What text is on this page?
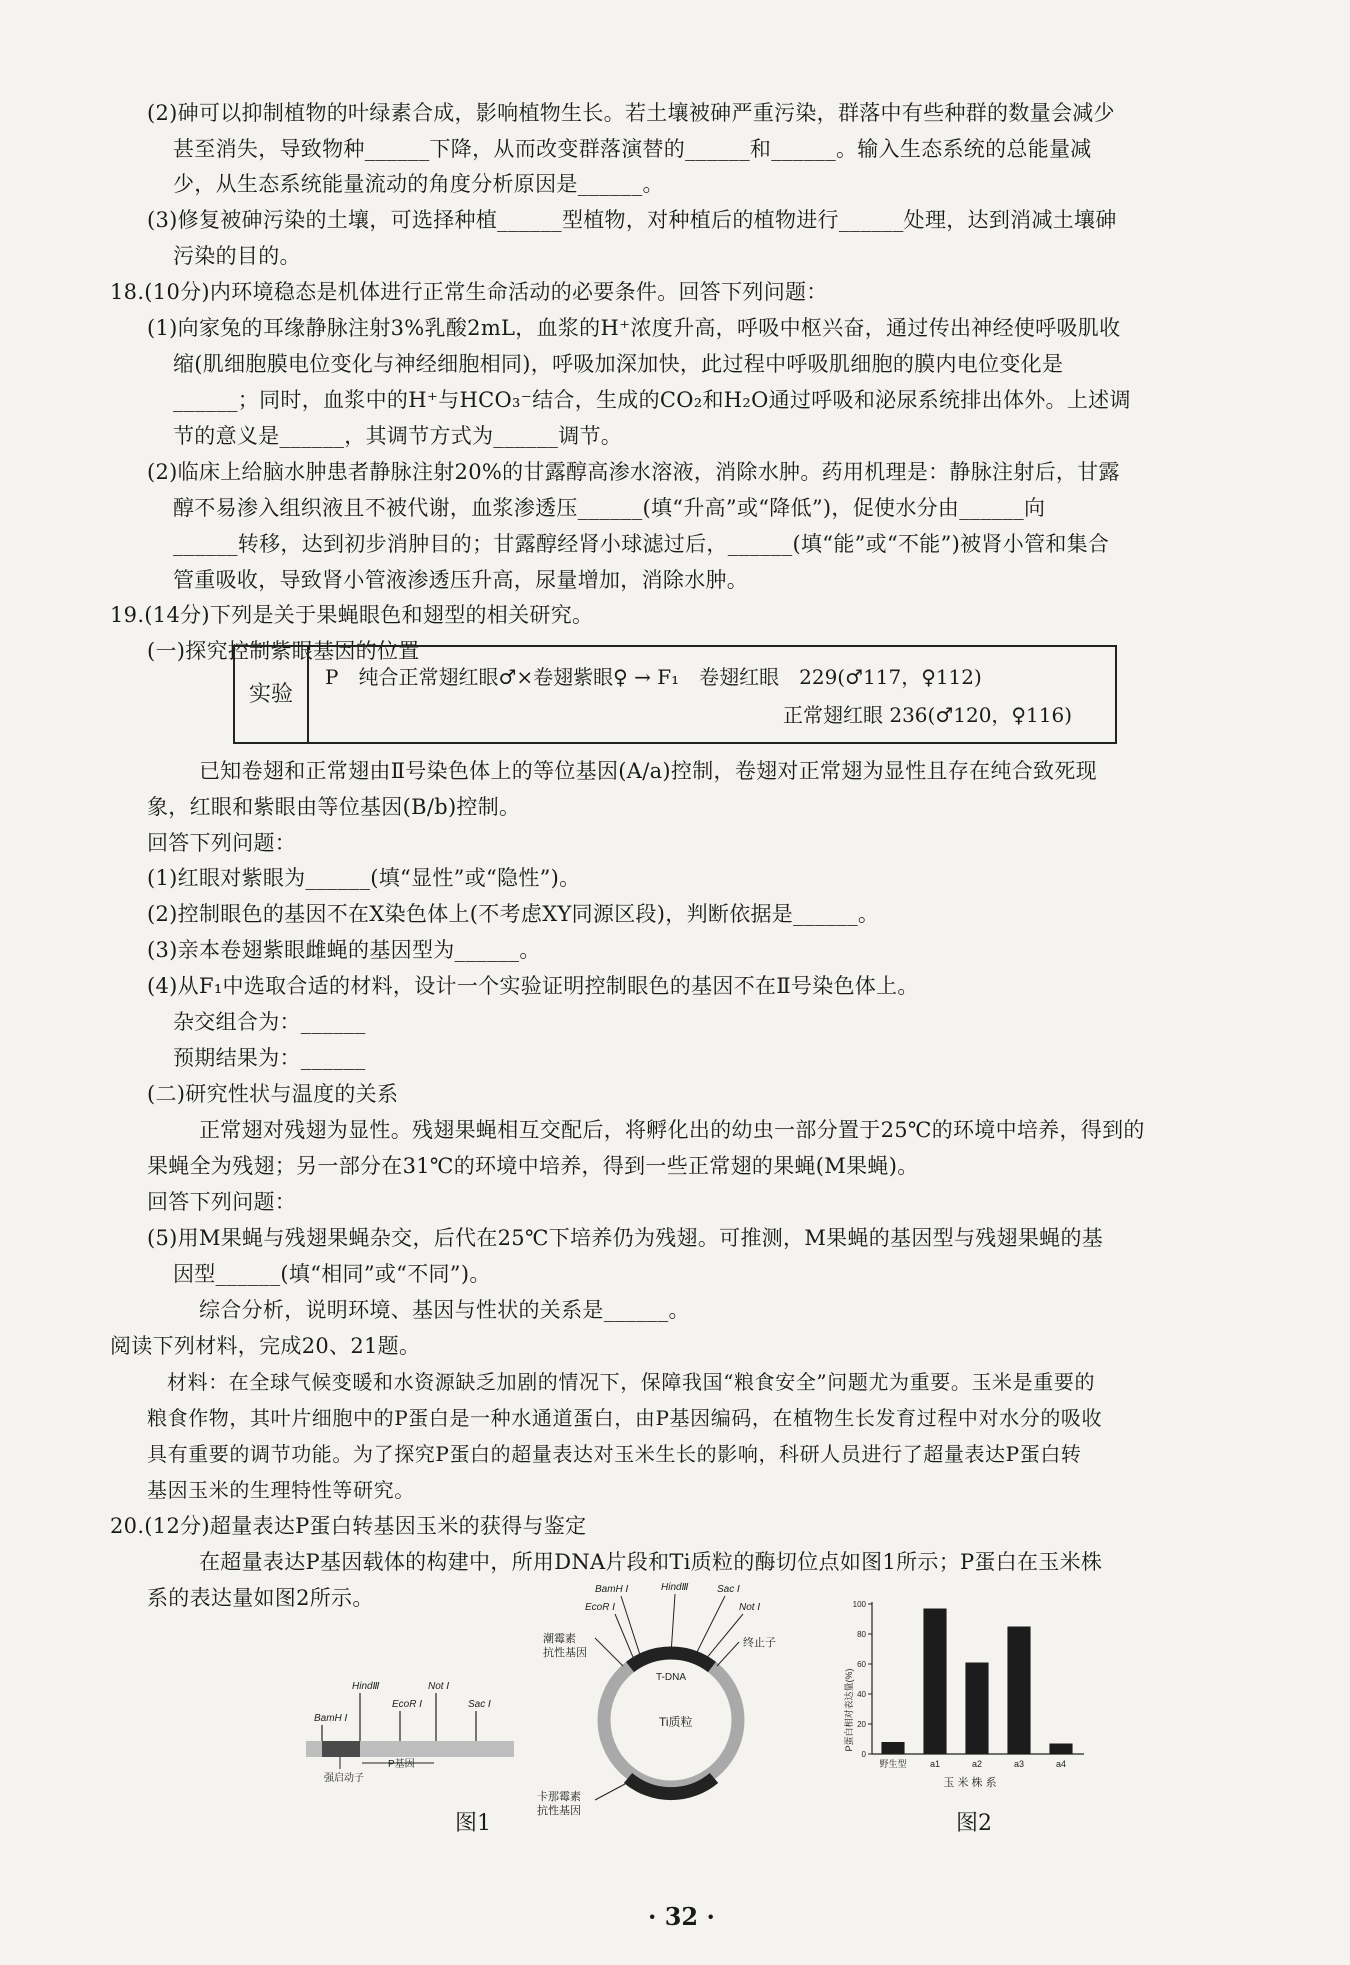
(2)砷可以抑制植物的叶绿素合成，影响植物生长。若土壤被砷严重污染，群落中有些种群的数量会减少
甚至消失，导致物种______下降，从而改变群落演替的______和______。输入生态系统的总能量减
少，从生态系统能量流动的角度分析原因是______。
(3)修复被砷污染的土壤，可选择种植______型植物，对种植后的植物进行______处理，达到消减土壤砷
污染的目的。
18.(10分)内环境稳态是机体进行正常生命活动的必要条件。回答下列问题：
(1)向家兔的耳缘静脉注射3%乳酸2mL，血浆的H⁺浓度升高，呼吸中枢兴奋，通过传出神经使呼吸肌收
缩(肌细胞膜电位变化与神经细胞相同)，呼吸加深加快，此过程中呼吸肌细胞的膜内电位变化是
______；同时，血浆中的H⁺与HCO₃⁻结合，生成的CO₂和H₂O通过呼吸和泌尿系统排出体外。上述调
节的意义是______，其调节方式为______调节。
(2)临床上给脑水肿患者静脉注射20%的甘露醇高渗水溶液，消除水肿。药用机理是：静脉注射后，甘露
醇不易渗入组织液且不被代谢，血浆渗透压______(填“升高”或“降低”)，促使水分由______向
______转移，达到初步消肿目的；甘露醇经肾小球滤过后，______(填“能”或“不能”)被肾小管和集合
管重吸收，导致肾小管液渗透压升高，尿量增加，消除水肿。
19.(14分)下列是关于果蝇眼色和翅型的相关研究。
(一)探究控制紫眼基因的位置
实验
P　纯合正常翅红眼♂×卷翅紫眼♀ → F₁　卷翅红眼　229(♂117，♀112)
正常翅红眼 236(♂120，♀116)
已知卷翅和正常翅由Ⅱ号染色体上的等位基因(A/a)控制，卷翅对正常翅为显性且存在纯合致死现
象，红眼和紫眼由等位基因(B/b)控制。
回答下列问题：
(1)红眼对紫眼为______(填“显性”或“隐性”)。
(2)控制眼色的基因不在X染色体上(不考虑XY同源区段)，判断依据是______。
(3)亲本卷翅紫眼雌蝇的基因型为______。
(4)从F₁中选取合适的材料，设计一个实验证明控制眼色的基因不在Ⅱ号染色体上。
杂交组合为：______
预期结果为：______
(二)研究性状与温度的关系
正常翅对残翅为显性。残翅果蝇相互交配后，将孵化出的幼虫一部分置于25℃的环境中培养，得到的
果蝇全为残翅；另一部分在31℃的环境中培养，得到一些正常翅的果蝇(M果蝇)。
回答下列问题：
(5)用M果蝇与残翅果蝇杂交，后代在25℃下培养仍为残翅。可推测，M果蝇的基因型与残翅果蝇的基
因型______(填“相同”或“不同”)。
综合分析，说明环境、基因与性状的关系是______。
阅读下列材料，完成20、21题。
材料：在全球气候变暖和水资源缺乏加剧的情况下，保障我国“粮食安全”问题尤为重要。玉米是重要的
粮食作物，其叶片细胞中的P蛋白是一种水通道蛋白，由P基因编码，在植物生长发育过程中对水分的吸收
具有重要的调节功能。为了探究P蛋白的超量表达对玉米生长的影响，科研人员进行了超量表达P蛋白转
基因玉米的生理特性等研究。
20.(12分)超量表达P蛋白转基因玉米的获得与鉴定
在超量表达P基因载体的构建中，所用DNA片段和Ti质粒的酶切位点如图1所示；P蛋白在玉米株
系的表达量如图2所示。
BamH Ⅰ
HindⅢ
EcoR Ⅰ
Not Ⅰ
Sac Ⅰ
P基因
强启动子
图1
T-DNA
Ti质粒
BamH Ⅰ	HindⅢ	Sac Ⅰ
EcoR Ⅰ	Not Ⅰ
潮霉素
抗性基因
终止子
卡那霉素
抗性基因
P蛋白相对表达量(%)
0
20
40
60
80
100
野生型	a1	a2	a3	a4
玉 米 株 系
图2
· 32 ·
